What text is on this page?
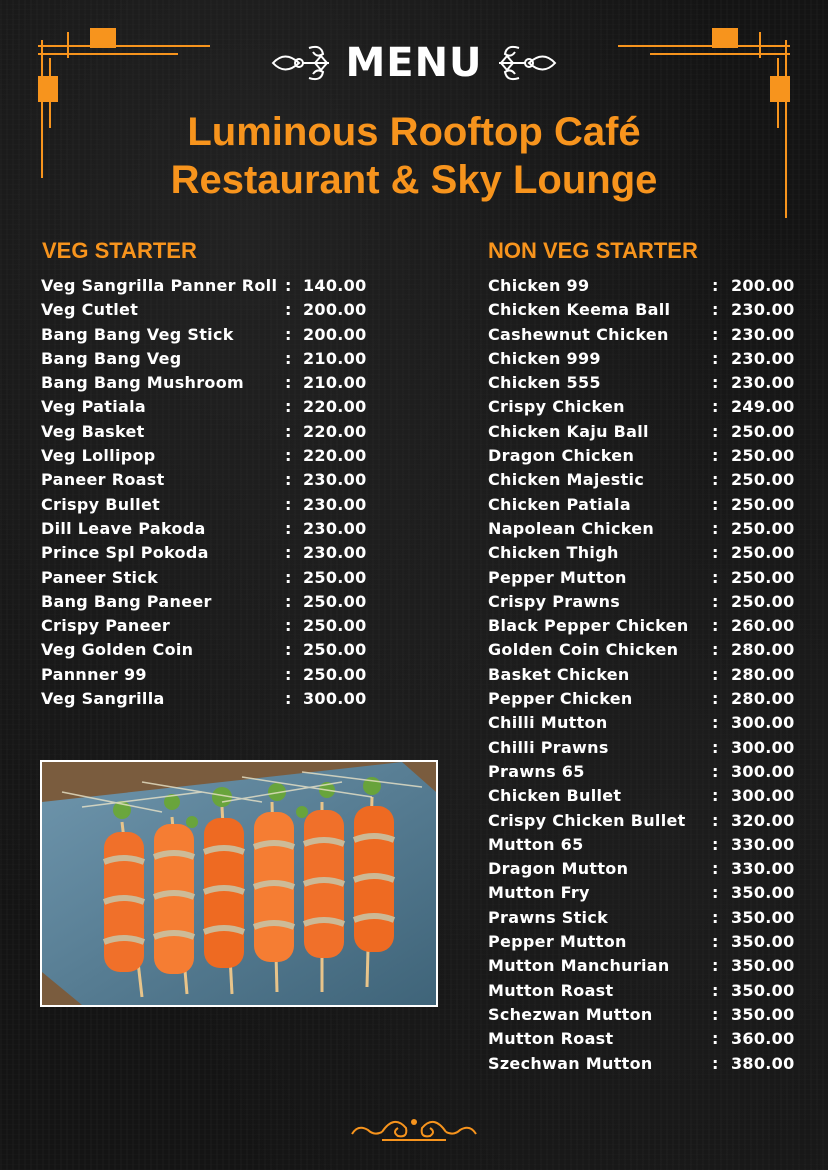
MENU
Luminous Rooftop Café
Restaurant & Sky Lounge
VEG STARTER	NON VEG STARTER
Veg Sangrilla Panner Roll : 140.00
Veg Cutlet	: 200.00
Bang Bang Veg Stick	: 200.00
Bang Bang Veg	: 210.00
Bang Bang Mushroom	: 210.00
Veg Patiala	: 220.00
Veg Basket	: 220.00
Veg Lollipop	: 220.00
Paneer Roast	: 230.00
Crispy Bullet	: 230.00
Dill Leave Pakoda	: 230.00
Prince Spl Pokoda	: 230.00
Paneer Stick	: 250.00
Bang Bang Paneer	: 250.00
Crispy Paneer	: 250.00
Veg Golden Coin	: 250.00
Pannner 99	: 250.00
Veg Sangrilla	: 300.00
Chicken 99	: 200.00
Chicken Keema Ball	: 230.00
Cashewnut Chicken	: 230.00
Chicken 999	: 230.00
Chicken 555	: 230.00
Crispy Chicken	: 249.00
Chicken Kaju Ball	: 250.00
Dragon Chicken	: 250.00
Chicken Majestic	: 250.00
Chicken Patiala	: 250.00
Napolean Chicken	: 250.00
Chicken Thigh	: 250.00
Pepper Mutton	: 250.00
Crispy Prawns	: 250.00
Black Pepper Chicken : 260.00
Golden Coin Chicken : 280.00
Basket Chicken	: 280.00
Pepper Chicken	: 280.00
Chilli Mutton	: 300.00
Chilli Prawns	: 300.00
Prawns 65	: 300.00
Chicken Bullet	: 300.00
Crispy Chicken Bullet : 320.00
Mutton 65	: 330.00
Dragon Mutton	: 330.00
Mutton Fry	: 350.00
Prawns Stick	: 350.00
Pepper Mutton	: 350.00
Mutton Manchurian	: 350.00
Mutton Roast	: 350.00
Schezwan Mutton	: 350.00
Mutton Roast	: 360.00
Szechwan Mutton	: 380.00
